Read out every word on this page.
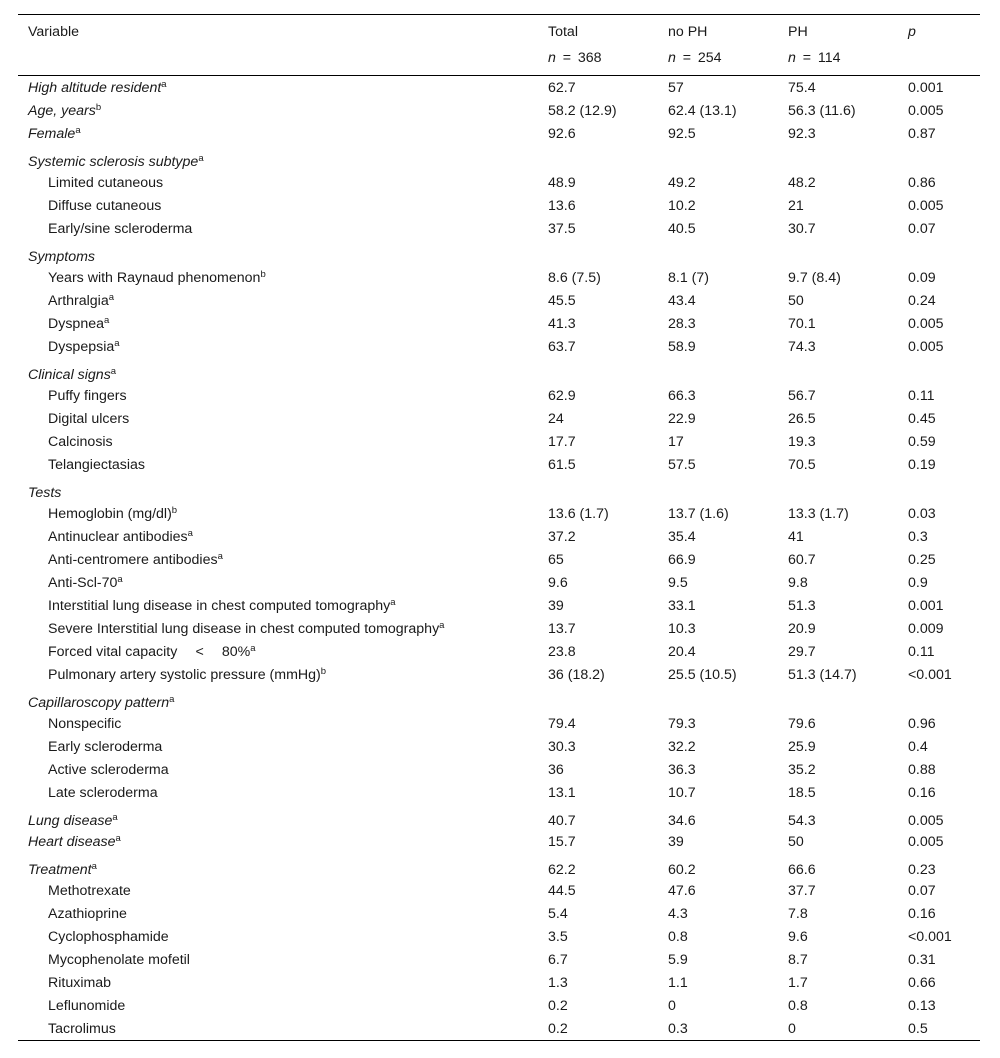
Variable	Total	no PH	PH	p
	n = 368	n = 254	n = 114	
High altitude resident$^a$	62.7	57	75.4	0.001
Age, years$^b$	58.2 (12.9)	62.4 (13.1)	56.3 (11.6)	0.005
Female$^a$	92.6	92.5	92.3	0.87
Systemic sclerosis subtype$^a$				
Limited cutaneous	48.9	49.2	48.2	0.86
Diffuse cutaneous	13.6	10.2	21	0.005
Early/sine scleroderma	37.5	40.5	30.7	0.07
Symptoms				
Years with Raynaud phenomenon$^b$	8.6 (7.5)	8.1 (7)	9.7 (8.4)	0.09
Arthralgia$^a$	45.5	43.4	50	0.24
Dyspnea$^a$	41.3	28.3	70.1	0.005
Dyspepsia$^a$	63.7	58.9	74.3	0.005
Clinical signs$^a$				
Puffy fingers	62.9	66.3	56.7	0.11
Digital ulcers	24	22.9	26.5	0.45
Calcinosis	17.7	17	19.3	0.59
Telangiectasias	61.5	57.5	70.5	0.19
Tests				
Hemoglobin $(mg/dl)^b$	13.6 (1.7)	13.7 (1.6)	13.3 (1.7)	0.03
Antinuclear antibodies$^a$	37.2	35.4	41	0.3
Anti-centromere antibodies$^a$	65	66.9	60.7	0.25
Anti-Scl-70$^a$	9.6	9.5	9.8	0.9
Interstitial lung disease in chest computed tomography$^a$	39	33.1	51.3	0.001
Severe Interstitial lung disease in chest computed tomography$^a$	13.7	10.3	20.9	0.009
Forced vital capacity  <  80%$^a$	23.8	20.4	29.7	0.11
Pulmonary artery systolic pressure (mmHg)$^b$	36 (18.2)	25.5 (10.5)	51.3 (14.7)	<0.001
Capillaroscopy pattern$^a$				
Nonspecific	79.4	79.3	79.6	0.96
Early scleroderma	30.3	32.2	25.9	0.4
Active scleroderma	36	36.3	35.2	0.88
Late scleroderma	13.1	10.7	18.5	0.16
Lung disease$^a$	40.7	34.6	54.3	0.005
Heart disease$^a$	15.7	39	50	0.005
Treatment$^a$	62.2	60.2	66.6	0.23
Methotrexate	44.5	47.6	37.7	0.07
Azathioprine	5.4	4.3	7.8	0.16
Cyclophosphamide	3.5	0.8	9.6	<0.001
Mycophenolate mofetil	6.7	5.9	8.7	0.31
Rituximab	1.3	1.1	1.7	0.66
Leflunomide	0.2	0	0.8	0.13
Tacrolimus	0.2	0.3	0	0.5
